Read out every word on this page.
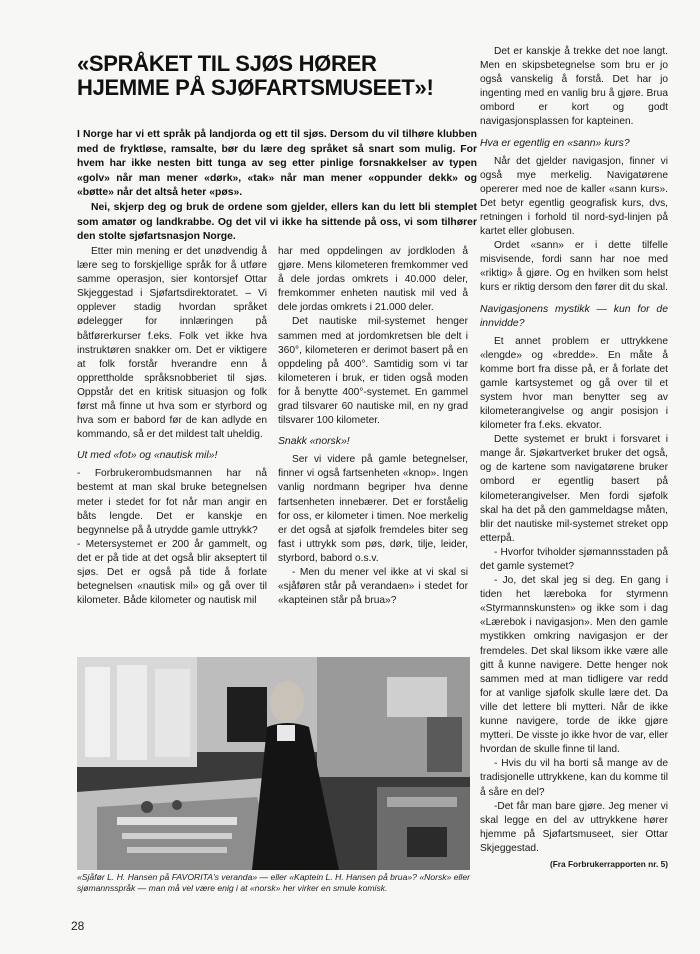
«SPRÅKET TIL SJØS HØRER
HJEMME PÅ SJØFARTSMUSEET»!

I Norge har vi ett språk på landjorda og ett til sjøs. Dersom du vil tilhøre klubben med de fryktløse, ramsalte, bør du lære deg språket så snart som mulig. For hvem har ikke nesten bitt tunga av seg etter pinlige forsnakkelser av typen «golv» når man mener «dørk», «tak» når man mener «oppunder dekk» og «bøtte» når det altså heter «pøs».

Nei, skjerp deg og bruk de ordene som gjelder, ellers kan du lett bli stemplet som amatør og landkrabbe. Og det vil vi ikke ha sittende på oss, vi som tilhører den stolte sjøfartsnasjon Norge.

Etter min mening er det unødvendig å lære seg to forskjellige språk for å utføre samme operasjon, sier kontorsjef Ottar Skjeggestad i Sjøfartsdirektoratet. – Vi opplever stadig hvordan språket ødelegger for innlæringen på båtførerkurser f.eks. Folk vet ikke hva instruktøren snakker om. Det er viktigere at folk forstår hverandre enn å opprettholde språksnobberiet til sjøs. Oppstår det en kritisk situasjon og folk først må finne ut hva som er styrbord og hva som er babord før de kan adlyde en kommando, så er det mildest talt uheldig.

Ut med «fot» og «nautisk mil»!

- Forbrukerombudsmannen har nå bestemt at man skal bruke betegnelsen meter i stedet for fot når man angir en båts lengde. Det er kanskje en begynnelse på å utrydde gamle uttrykk?

- Metersystemet er 200 år gammelt, og det er på tide at det også blir akseptert til sjøs. Det er også på tide å forlate betegnelsen «nautisk mil» og gå over til kilometer. Både kilometer og nautisk mil

har med oppdelingen av jordkloden å gjøre. Mens kilometeren fremkommer ved å dele jordas omkrets i 40.000 deler, fremkommer enheten nautisk mil ved å dele jordas omkrets i 21.000 deler.

Det nautiske mil-systemet henger sammen med at jordomkretsen ble delt i 360°, kilometeren er derimot basert på en oppdeling på 400°. Samtidig som vi tar kilometeren i bruk, er tiden også moden for å benytte 400°-systemet. En gammel grad tilsvarer 60 nautiske mil, en ny grad tilsvarer 100 kilometer.

Snakk «norsk»!

Ser vi videre på gamle betegnelser, finner vi også fartsenheten «knop». Ingen vanlig nordmann begriper hva denne fartsenheten innebærer. Det er forståelig for oss, er kilometer i timen. Noe merkelig er det også at sjøfolk fremdeles biter seg fast i uttrykk som pøs, dørk, tilje, leider, styrbord, babord o.s.v.

- Men du mener vel ikke at vi skal si «sjåføren står på verandaen» i stedet for «kapteinen står på brua»?

Det er kanskje å trekke det noe langt. Men en skipsbetegnelse som bru er jo også vanskelig å forstå. Det har jo ingenting med en vanlig bru å gjøre. Brua ombord er kort og godt navigasjonsplassen for kapteinen.

Hva er egentlig en «sann» kurs?

Når det gjelder navigasjon, finner vi også mye merkelig. Navigatørene opererer med noe de kaller «sann kurs». Det betyr egentlig geografisk kurs, dvs, retningen i forhold til nord-syd-linjen på kartet eller globusen.

Ordet «sann» er i dette tilfelle misvisende, fordi sann har noe med «riktig» å gjøre. Og en hvilken som helst kurs er riktig dersom den fører dit du skal.

Navigasjonens mystikk — kun for de innvidde?

Et annet problem er uttrykkene «lengde» og «bredde». En måte å komme bort fra disse på, er å forlate det gamle kartsystemet og gå over til et system hvor man benytter seg av kilometerangivelse og angir posisjon i kilometer fra f.eks. ekvator.

Dette systemet er brukt i forsvaret i mange år. Sjøkartverket bruker det også, og de kartene som navigatørene bruker ombord er egentlig basert på kilometerangivelser. Men fordi sjøfolk skal ha det på den gammeldagse måten, blir det nautiske mil-systemet streket opp etterpå.

- Hvorfor tviholder sjømannsstaden på det gamle systemet?

- Jo, det skal jeg si deg. En gang i tiden het læreboka for styrmenn «Styrmannskunsten» og ikke som i dag «Lærebok i navigasjon». Men den gamle mystikken omkring navigasjon er der fremdeles. Det skal liksom ikke være alle gitt å kunne navigere. Dette henger nok sammen med at man tidligere var redd for at vanlige sjøfolk skulle lære det. Da ville det lettere bli mytteri. Når de ikke kunne navigere, torde de ikke gjøre mytteri. De visste jo ikke hvor de var, eller hvordan de skulle finne til land.

- Hvis du vil ha borti så mange av de tradisjonelle uttrykkene, kan du komme til å såre en del?

-Det får man bare gjøre. Jeg mener vi skal legge en del av uttrykkene hører hjemme på Sjøfartsmuseet, sier Ottar Skjeggestad.

(Fra Forbrukerrapporten nr. 5)
«Sjåfør L. H. Hansen på FAVORITA's veranda» — eller «Kaptein L. H. Hansen på brua»? «Norsk» eller sjømannsspråk — man må vel være enig i at «norsk» her virker en smule komisk.
28
